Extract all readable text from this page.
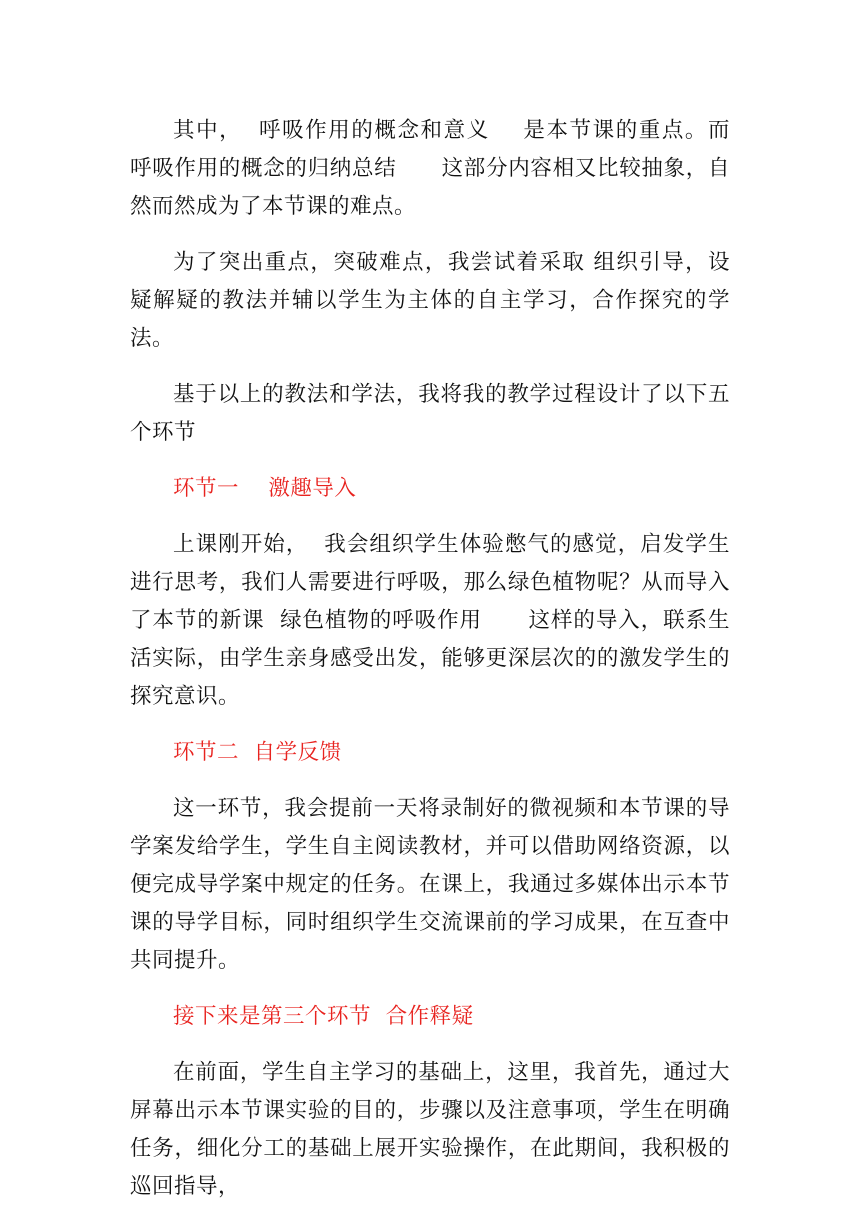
其中，  呼吸作用的概念和意义    是本节课的重点。而  呼吸作用的概念的归纳总结      这部分内容相又比较抽象，自然而然成为了本节课的难点。

为了突出重点，突破难点，我尝试着采取 组织引导，设疑解疑的教法并辅以学生为主体的自主学习，合作探究的学法。

基于以上的教法和学法，我将我的教学过程设计了以下五个环节

环节一    激趣导入

上课刚开始，  我会组织学生体验憋气的感觉，启发学生进行思考，我们人需要进行呼吸，那么绿色植物呢？从而导入了本节的新课  绿色植物的呼吸作用      这样的导入，联系生活实际，由学生亲身感受出发，能够更深层次的的激发学生的探究意识。

环节二  自学反馈

这一环节，我会提前一天将录制好的微视频和本节课的导学案发给学生，学生自主阅读教材，并可以借助网络资源，以便完成导学案中规定的任务。在课上，我通过多媒体出示本节课的导学目标，同时组织学生交流课前的学习成果，在互查中共同提升。

接下来是第三个环节  合作释疑

在前面，学生自主学习的基础上，这里，我首先，通过大屏幕出示本节课实验的目的，步骤以及注意事项，学生在明确任务，细化分工的基础上展开实验操作，在此期间，我积极的巡回指导，
